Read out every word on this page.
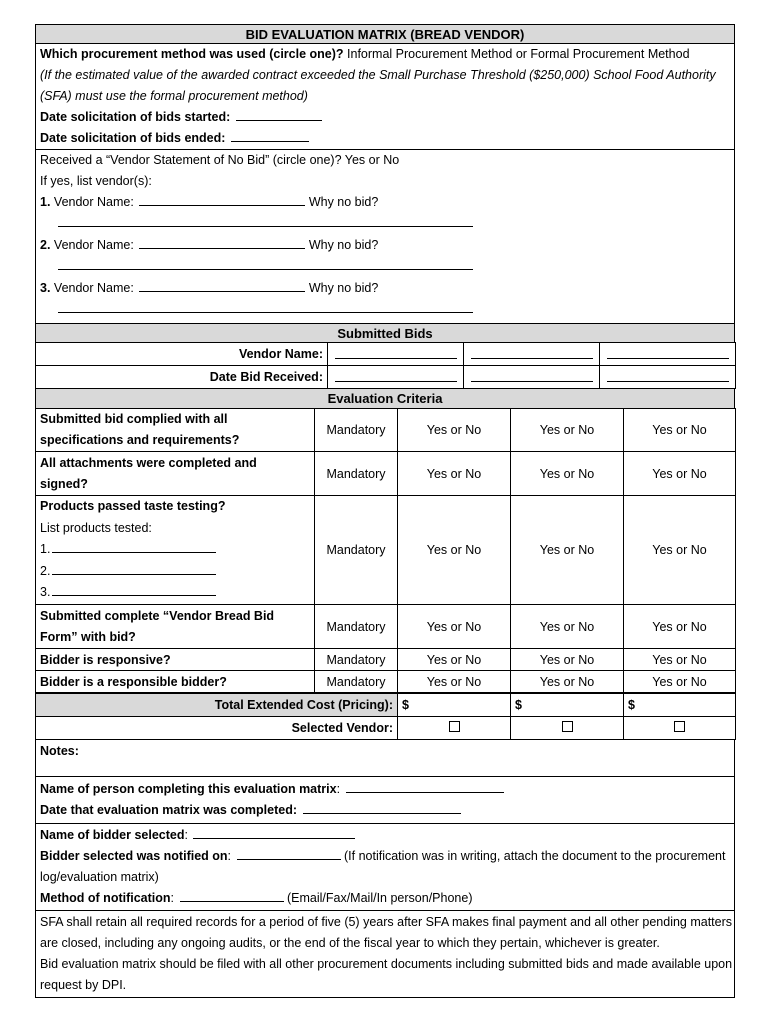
BID EVALUATION MATRIX (BREAD VENDOR)
Which procurement method was used (circle one)? Informal Procurement Method or Formal Procurement Method
(If the estimated value of the awarded contract exceeded the Small Purchase Threshold ($250,000) School Food Authority
(SFA) must use the formal procurement method)
Date solicitation of bids started:
Date solicitation of bids ended:
Received a “Vendor Statement of No Bid” (circle one)? Yes or No
If yes, list vendor(s):
1. Vendor Name:	Why no bid?
2. Vendor Name:	Why no bid?
3. Vendor Name:	Why no bid?
Submitted Bids
Vendor Name:			
Date Bid Received:			
Evaluation Criteria
Submitted bid complied with all
specifications and requirements?	Mandatory	Yes or No	Yes or No	Yes or No

All attachments were completed and
signed?	Mandatory	Yes or No	Yes or No	Yes or No

Products passed taste testing?
List products tested:
1.
2.
3.	Mandatory	Yes or No	Yes or No	Yes or No

Submitted complete “Vendor Bread Bid
Form” with bid?	Mandatory	Yes or No	Yes or No	Yes or No
Bidder is responsive?	Mandatory	Yes or No	Yes or No	Yes or No
Bidder is a responsible bidder?	Mandatory	Yes or No	Yes or No	Yes or No
Total Extended Cost (Pricing):	$	$	$
Selected Vendor:			
Notes:
Name of person completing this evaluation matrix:
Date that evaluation matrix was completed:
Name of bidder selected:
Bidder selected was notified on:	(If notification was in writing, attach the document to the procurement
log/evaluation matrix)
Method of notification:	(Email/Fax/Mail/In person/Phone)
SFA shall retain all required records for a period of five (5) years after SFA makes final payment and all other pending matters
are closed, including any ongoing audits, or the end of the fiscal year to which they pertain, whichever is greater.
Bid evaluation matrix should be filed with all other procurement documents including submitted bids and made available upon
request by DPI.
